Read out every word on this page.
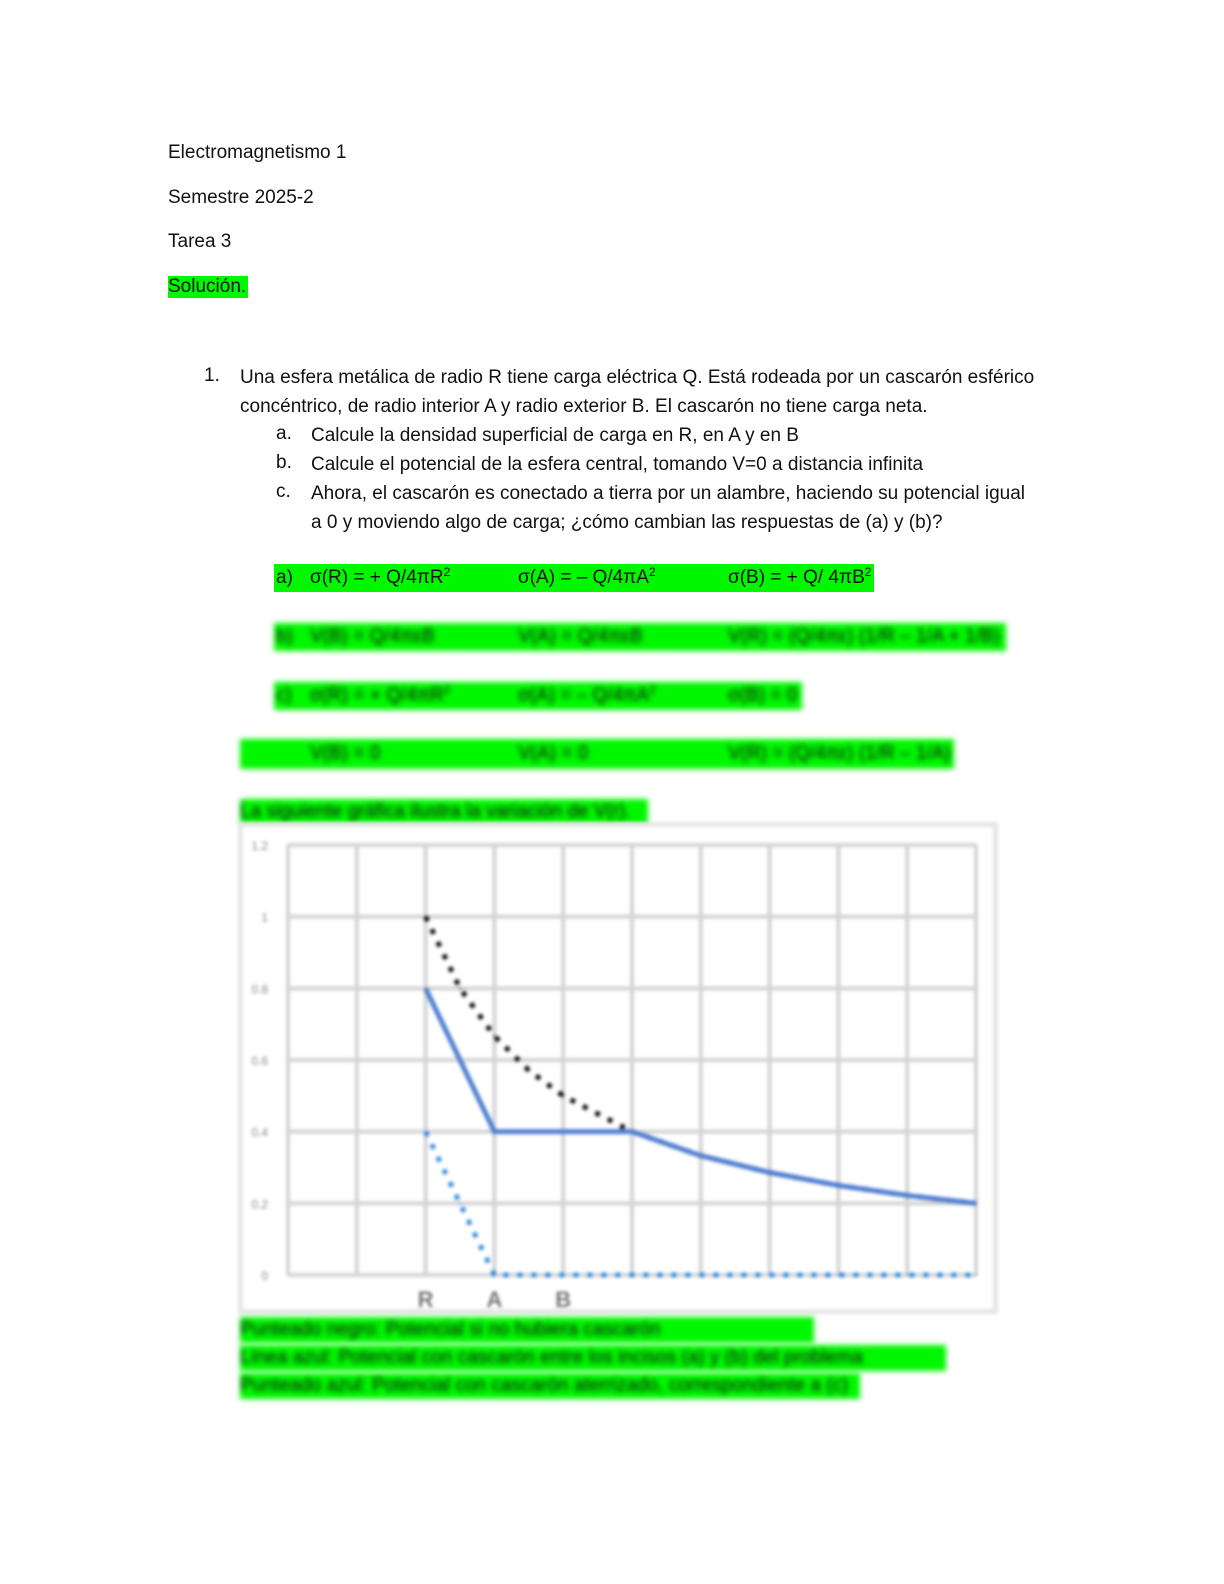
Electromagnetismo 1
Semestre 2025-2
Tarea 3
Solución.
1. Una esfera metálica de radio R tiene carga eléctrica Q. Está rodeada por un cascarón esférico concéntrico, de radio interior A y radio exterior B. El cascarón no tiene carga neta.
a. Calcule la densidad superficial de carga en R, en A y en B
b. Calcule el potencial de la esfera central, tomando V=0 a distancia infinita
c. Ahora, el cascarón es conectado a tierra por un alambre, haciendo su potencial igual a 0 y moviendo algo de carga; ¿cómo cambian las respuestas de (a) y (b)?
a) σ(R) = + $Q/4\pi R^2$	σ(A) = – $Q/4\pi A^2$	σ(B) = + Q/ $4\pi B^2$
b) V(B) = Q/4πεB	V(A) = Q/4πεB	V(R) = (Q/4πε) (1/R – 1/A + 1/B)
c) σ(R) = + $Q/4\pi R^2$	σ(A) = – $Q/4\pi A^2$	σ(B) = 0
V(B) = 0	V(A) = 0	V(R) = (Q/4πε) (1/R – 1/A)
La siguiente gráfica ilustra la variación de V(r).
0
0.2
0.4
0.6
0.8
1
1.2
R A B
Punteado negro: Potencial si no hubiera cascarón
Línea azul: Potencial con cascarón entre los incisos (a) y (b) del problema
Punteado azul: Potencial con cascarón aterrizado, correspondiente a (c)
